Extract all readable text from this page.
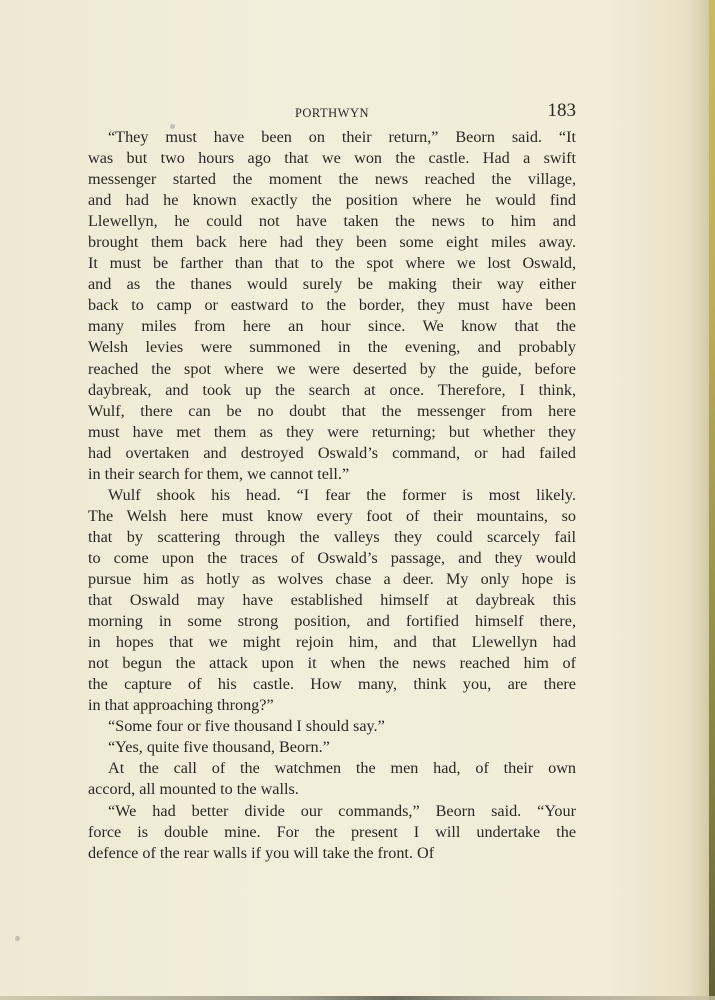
PORTHWYN	183

“They must have been on their return,” Beorn said. “It
was but two hours ago that we won the castle. Had a swift
messenger started the moment the news reached the village,
and had he known exactly the position where he would find
Llewellyn, he could not have taken the news to him and
brought them back here had they been some eight miles away.
It must be farther than that to the spot where we lost Oswald,
and as the thanes would surely be making their way either
back to camp or eastward to the border, they must have been
many miles from here an hour since. We know that the
Welsh levies were summoned in the evening, and probably
reached the spot where we were deserted by the guide, before
daybreak, and took up the search at once. Therefore, I think,
Wulf, there can be no doubt that the messenger from here
must have met them as they were returning; but whether they
had overtaken and destroyed Oswald’s command, or had failed
in their search for them, we cannot tell.”

Wulf shook his head. “I fear the former is most likely.
The Welsh here must know every foot of their mountains, so
that by scattering through the valleys they could scarcely fail
to come upon the traces of Oswald’s passage, and they would
pursue him as hotly as wolves chase a deer. My only hope is
that Oswald may have established himself at daybreak this
morning in some strong position, and fortified himself there,
in hopes that we might rejoin him, and that Llewellyn had
not begun the attack upon it when the news reached him of
the capture of his castle. How many, think you, are there
in that approaching throng?”

“Some four or five thousand I should say.”

“Yes, quite five thousand, Beorn.”

At the call of the watchmen the men had, of their own
accord, all mounted to the walls.

“We had better divide our commands,” Beorn said. “Your
force is double mine. For the present I will undertake the
defence of the rear walls if you will take the front. Of
